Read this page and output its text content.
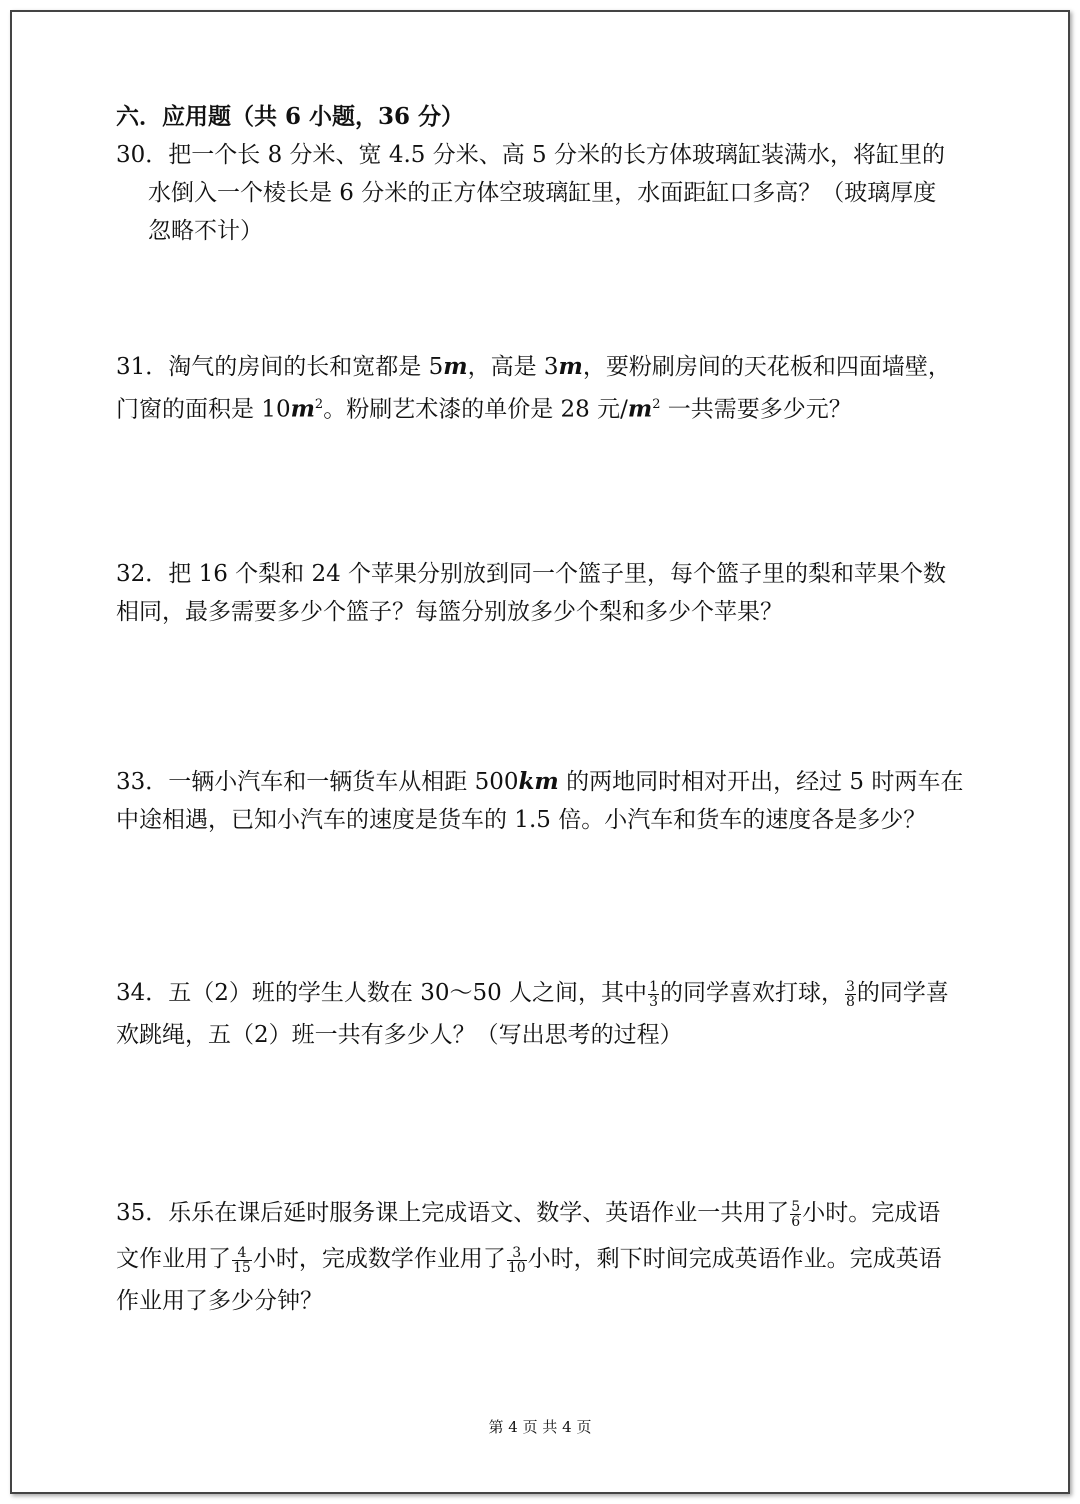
六．应用题（共 6 小题，36 分）
30．把一个长 8 分米、宽 4.5 分米、高 5 分米的长方体玻璃缸装满水，将缸里的
水倒入一个棱长是 6 分米的正方体空玻璃缸里，水面距缸口多高？（玻璃厚度
忽略不计）
31．淘气的房间的长和宽都是 5m，高是 3m，要粉刷房间的天花板和四面墙壁，
门窗的面积是 $10m^2$。粉刷艺术漆的单价是 28 元$/m^2$ 一共需要多少元？
32．把 16 个梨和 24 个苹果分别放到同一个篮子里，每个篮子里的梨和苹果个数
相同，最多需要多少个篮子？每篮分别放多少个梨和多少个苹果？
33．一辆小汽车和一辆货车从相距 500km 的两地同时相对开出，经过 5 时两车在
中途相遇，已知小汽车的速度是货车的 1.5 倍。小汽车和货车的速度各是多少？
34．五（2）班的学生人数在 30～50 人之间，其中 $\frac{1}{3}$ 的同学喜欢打球， $\frac{3}{8}$ 的同学喜
欢跳绳，五（2）班一共有多少人？（写出思考的过程）
35．乐乐在课后延时服务课上完成语文、数学、英语作业一共用了 $\frac{5}{6}$ 小时。完成语
文作业用了 $\frac{4}{15}$ 小时，完成数学作业用了 $\frac{3}{10}$ 小时，剩下时间完成英语作业。完成英语
作业用了多少分钟？
第 4 页 共 4 页
